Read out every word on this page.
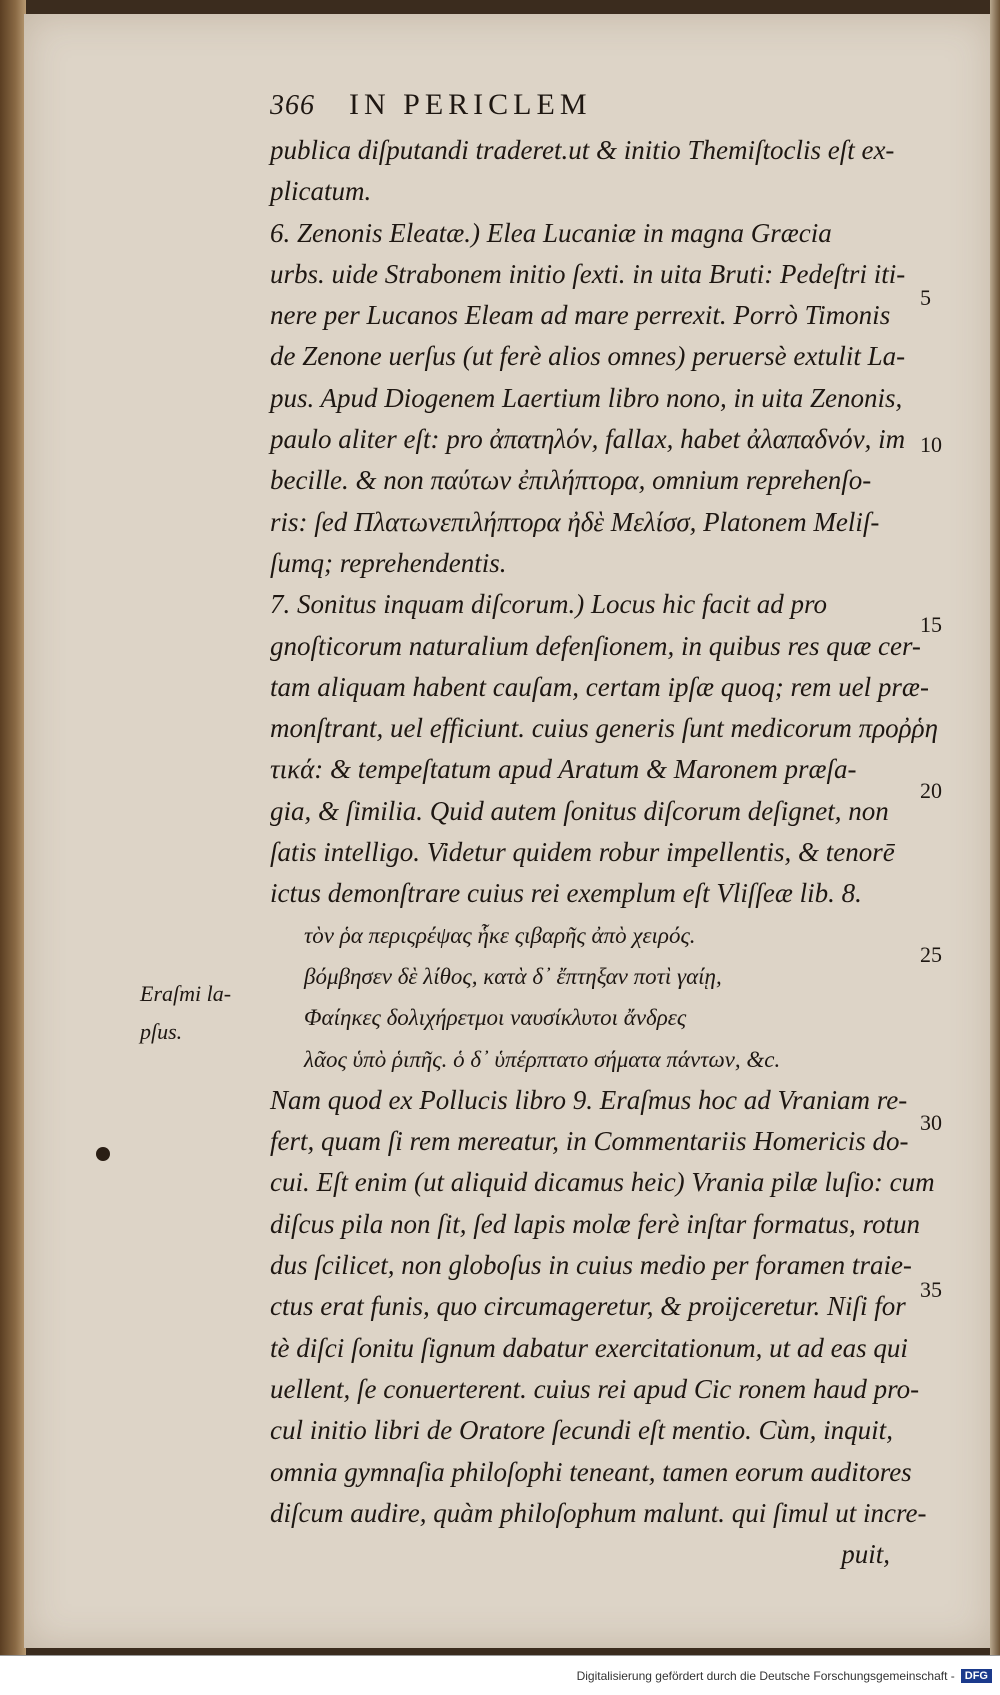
366 IN PERICLEM
publica diſputandi traderet.ut & initio Themiſtoclis eſt ex-
plicatum.
6. Zenonis Eleatæ.) Elea Lucaniæ in magna Græcia
urbs. uide Strabonem initio ſexti. in uita Bruti: Pedeſtri iti-
nere per Lucanos Eleam ad mare perrexit. Porrò Timonis
de Zenone uerſus (ut ferè alios omnes) peruersè extulit La-
pus. Apud Diogenem Laertium libro nono, in uita Zenonis,
paulo aliter eſt: pro ἀπατηλόν, fallax, habet ἀλαπαδνόν, im
becille. & non παύτων ἐπιλήπτορα, omnium reprehenſo-
ris: ſed Πλατωνεπιλήπτορα ἠδὲ Μελίσσ, Platonem Meliſ-
ſumq; reprehendentis.
7. Sonitus inquam diſcorum.) Locus hic facit ad pro
gnoſticorum naturalium defenſionem, in quibus res quæ cer-
tam aliquam habent cauſam, certam ipſæ quoq; rem uel præ-
monſtrant, uel efficiunt. cuius generis ſunt medicorum προῤῥη
τικά: & tempeſtatum apud Aratum & Maronem præſa-
gia, & ſimilia. Quid autem ſonitus diſcorum deſignet, non
ſatis intelligo. Videtur quidem robur impellentis, & tenorē
ictus demonſtrare cuius rei exemplum eſt Vliſſeæ lib. 8.
τὸν ῥα περιςρέψας ἧκε ςιβαρῆς ἀπὸ χειρός.
βόμβησεν δὲ λίθος, κατὰ δ᾽ ἔπτηξαν ποτὶ γαίῃ,
Φαίηκες δολιχήρετμοι ναυσίκλυτοι ἄνδρες
λᾶος ὑπὸ ῥιπῆς. ὁ δ᾽ ὑπέρπτατο σήματα πάντων, &c.
Nam quod ex Pollucis libro 9. Eraſmus hoc ad Vraniam re-
fert, quam ſi rem mereatur, in Commentariis Homericis do-
cui. Eſt enim (ut aliquid dicamus heic) Vrania pilæ luſio: cum
diſcus pila non ſit, ſed lapis molæ ferè inſtar formatus, rotun
dus ſcilicet, non globoſus in cuius medio per foramen traie-
ctus erat funis, quo circumageretur, & proijceretur. Niſi for
tè diſci ſonitu ſignum dabatur exercitationum, ut ad eas qui
uellent, ſe conuerterent. cuius rei apud Cic ronem haud pro-
cul initio libri de Oratore ſecundi eſt mentio. Cùm, inquit,
omnia gymnaſia philoſophi teneant, tamen eorum auditores
diſcum audire, quàm philoſophum malunt. qui ſimul ut incre-
puit,
5
10
15
20
25
30
35
Eraſmi la-
pſus.
Digitalisierung gefördert durch die Deutsche Forschungsgemeinschaft - DFG
